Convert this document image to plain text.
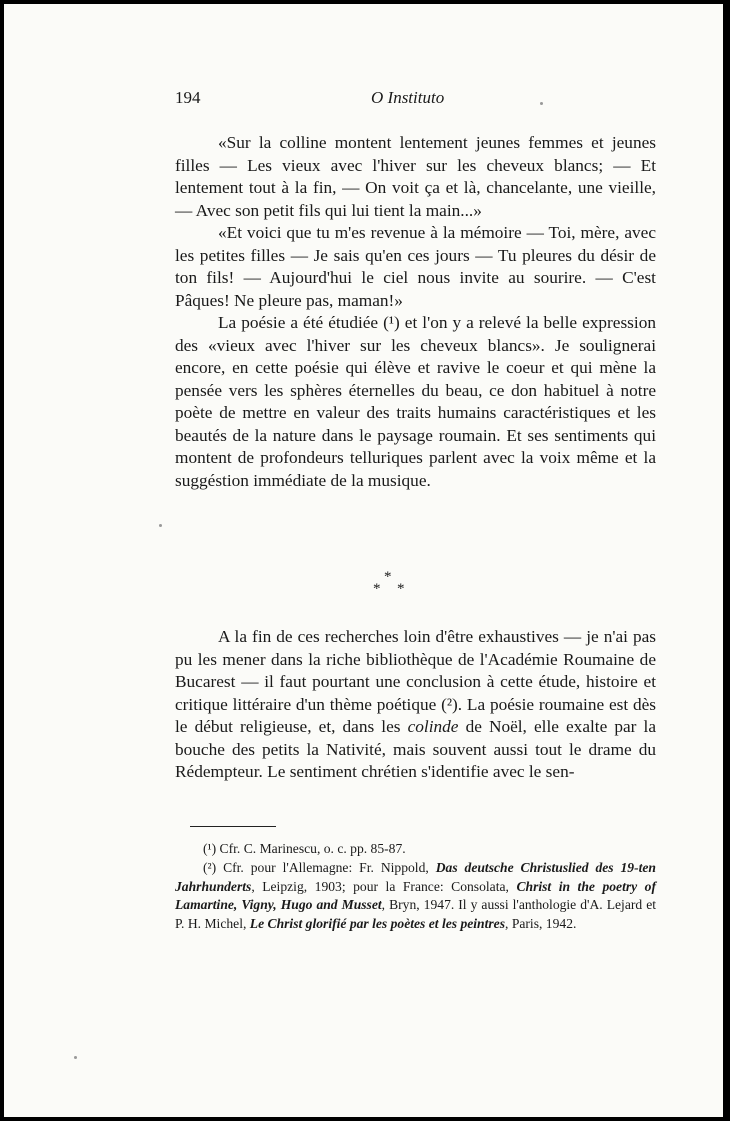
194	O Instituto

«Sur la colline montent lentement jeunes femmes et jeunes filles — Les vieux avec l'hiver sur les cheveux blancs; — Et lentement tout à la fin, — On voit ça et là, chancelante, une vieille, — Avec son petit fils qui lui tient la main...»

«Et voici que tu m'es revenue à la mémoire — Toi, mère, avec les petites filles — Je sais qu'en ces jours — Tu pleures du désir de ton fils! — Aujourd'hui le ciel nous invite au sourire. — C'est Pâques! Ne pleure pas, maman!»

La poésie a été étudiée (¹) et l'on y a relevé la belle expression des «vieux avec l'hiver sur les cheveux blancs». Je soulignerai encore, en cette poésie qui élève et ravive le coeur et qui mène la pensée vers les sphères éternelles du beau, ce don habituel à notre poète de mettre en valeur des traits humains caractéristiques et les beautés de la nature dans le paysage roumain. Et ses sentiments qui montent de profondeurs telluriques parlent avec la voix même et la suggéstion immédiate de la musique.

*
* *

A la fin de ces recherches loin d'être exhaustives — je n'ai pas pu les mener dans la riche bibliothèque de l'Académie Roumaine de Bucarest — il faut pourtant une conclusion à cette étude, histoire et critique littéraire d'un thème poétique (²). La poésie roumaine est dès le début religieuse, et, dans les colinde de Noël, elle exalte par la bouche des petits la Nativité, mais souvent aussi tout le drame du Rédempteur. Le sentiment chrétien s'identifie avec le sen-

(¹) Cfr. C. Marinescu, o. c. pp. 85-87.

(²) Cfr. pour l'Allemagne: Fr. Nippold, Das deutsche Christuslied des 19-ten Jahrhunderts, Leipzig, 1903; pour la France: Consolata, Christ in the poetry of Lamartine, Vigny, Hugo and Musset, Bryn, 1947. Il y aussi l'anthologie d'A. Lejard et P. H. Michel, Le Christ glorifié par les poètes et les peintres, Paris, 1942.
